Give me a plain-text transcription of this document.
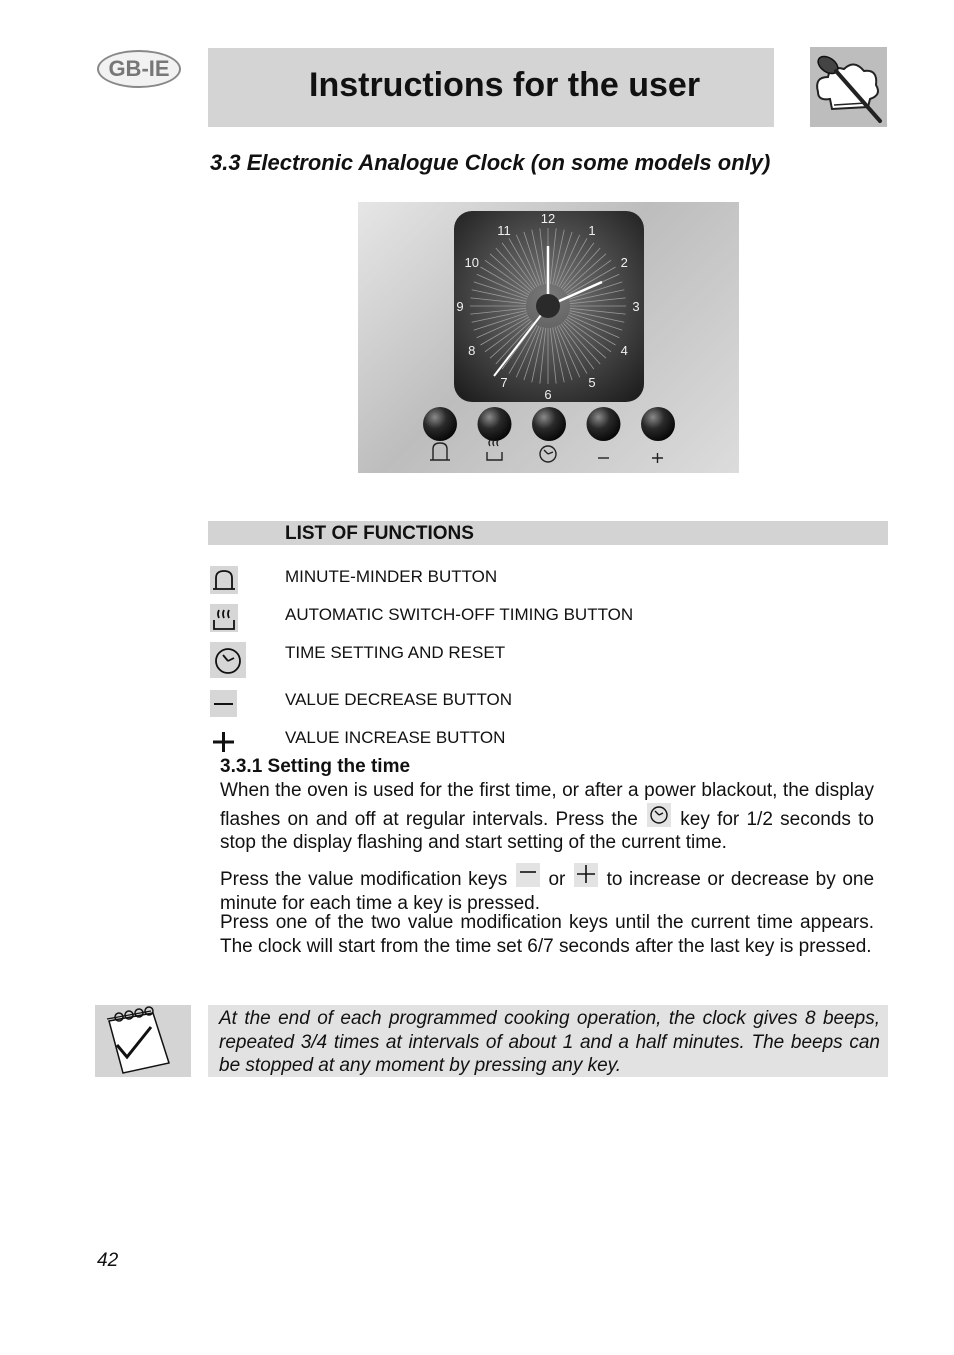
GB-IE	Instructions for the user
3.3 Electronic Analogue Clock (on some models only)
12
1
2
3
4
5
6
7
8
9
10
11
LIST OF FUNCTIONS
MINUTE-MINDER BUTTON
AUTOMATIC SWITCH-OFF TIMING BUTTON
TIME SETTING AND RESET
VALUE DECREASE BUTTON
VALUE INCREASE BUTTON
3.3.1 Setting the time
When the oven is used for the first time, or after a power blackout, the display flashes on and off at regular intervals. Press the key for 1/2 seconds to stop the display flashing and start setting of the current time.
Press the value modification keys or to increase or decrease by one minute for each time a key is pressed.
Press one of the two value modification keys until the current time appears. The clock will start from the time set 6/7 seconds after the last key is pressed.
At the end of each programmed cooking operation, the clock gives 8 beeps, repeated 3/4 times at intervals of about 1 and a half minutes. The beeps can be stopped at any moment by pressing any key.
42
